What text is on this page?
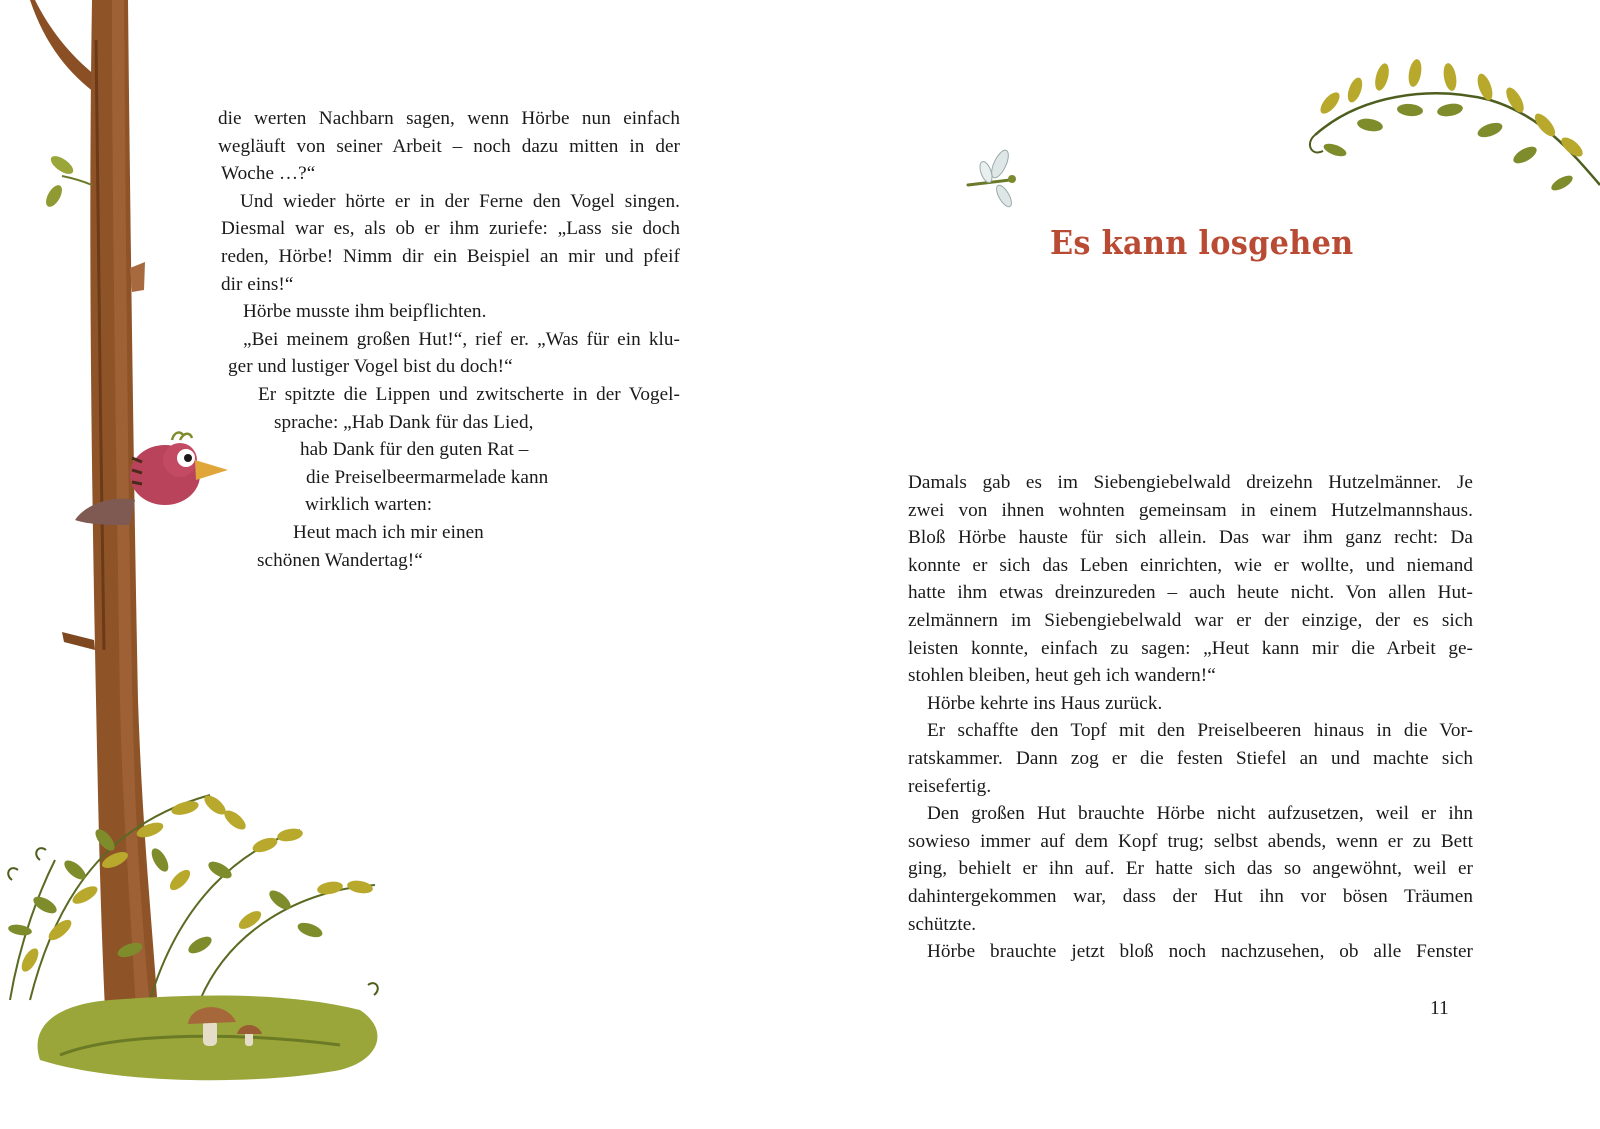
die werten Nachbarn sagen, wenn Hörbe nun einfach
wegläuft von seiner Arbeit – noch dazu mitten in der
Woche …?“
Und wieder hörte er in der Ferne den Vogel singen.
Diesmal war es, als ob er ihm zuriefe: „Lass sie doch
reden, Hörbe! Nimm dir ein Beispiel an mir und pfeif
dir eins!“
Hörbe musste ihm beipflichten.
„Bei meinem großen Hut!“, rief er. „Was für ein klu-
ger und lustiger Vogel bist du doch!“
Er spitzte die Lippen und zwitscherte in der Vogel-
sprache: „Hab Dank für das Lied,
hab Dank für den guten Rat –
die Preiselbeermarmelade kann
wirklich warten:
Heut mach ich mir einen
schönen Wandertag!“
Es kann losgehen
Damals gab es im Siebengiebelwald dreizehn Hutzelmänner. Je
zwei von ihnen wohnten gemeinsam in einem Hutzelmannshaus.
Bloß Hörbe hauste für sich allein. Das war ihm ganz recht: Da
konnte er sich das Leben einrichten, wie er wollte, und niemand
hatte ihm etwas dreinzureden – auch heute nicht. Von allen Hut-
zelmännern im Siebengiebelwald war er der einzige, der es sich
leisten konnte, einfach zu sagen: „Heut kann mir die Arbeit ge-
stohlen bleiben, heut geh ich wandern!“
Hörbe kehrte ins Haus zurück.
Er schaffte den Topf mit den Preiselbeeren hinaus in die Vor-
ratskammer. Dann zog er die festen Stiefel an und machte sich
reisefertig.
Den großen Hut brauchte Hörbe nicht aufzusetzen, weil er ihn
sowieso immer auf dem Kopf trug; selbst abends, wenn er zu Bett
ging, behielt er ihn auf. Er hatte sich das so angewöhnt, weil er
dahintergekommen war, dass der Hut ihn vor bösen Träumen
schützte.
Hörbe brauchte jetzt bloß noch nachzusehen, ob alle Fenster
11
